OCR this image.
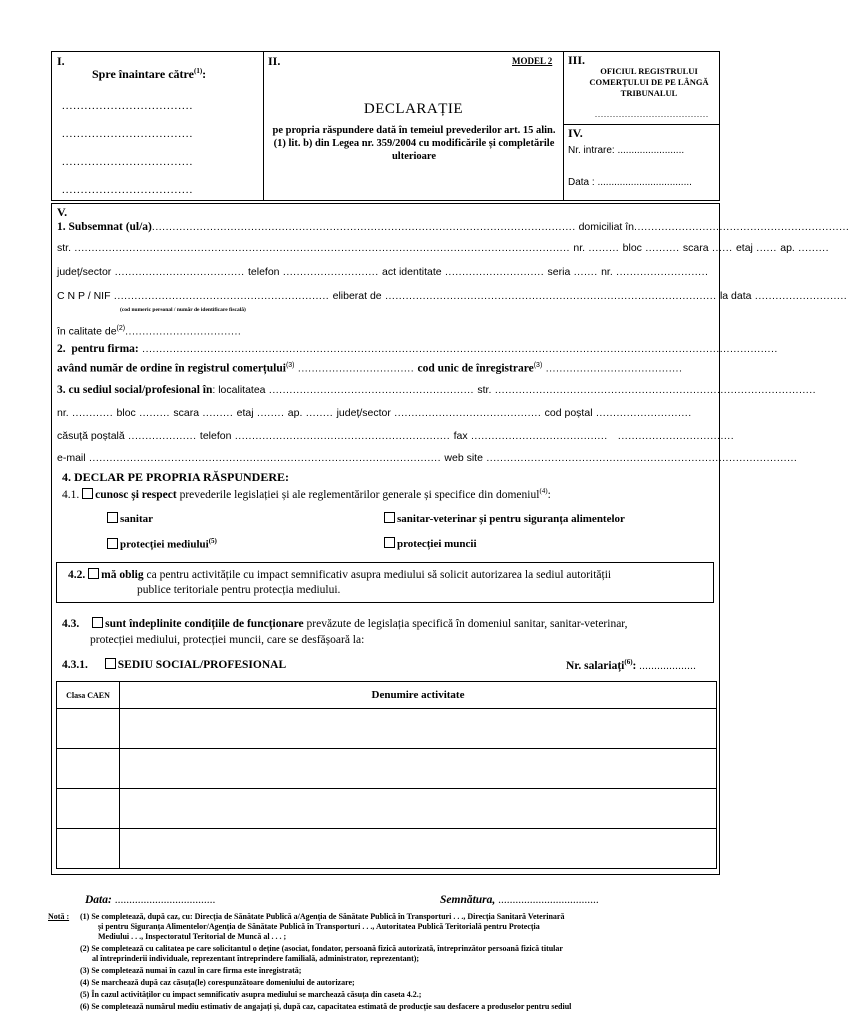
I.
Spre înaintare către$^{(1)}$:
...................................
...................................
...................................
...................................
II.	MODEL 2
DECLARAȚIE
pe propria răspundere dată în temeiul prevederilor art. 15 alin. (1) lit. b) din Legea nr. 359/2004 cu modificările și completările ulterioare
III.
OFICIUL REGISTRULUI COMERȚULUI DE PE LÂNGĂ TRIBUNALUL
......................................
IV.
Nr. intrare: ........................
Data : ..................................
V.
1. Subsemnat (ul/a)............................................................................................................................ domiciliat în...............................................................
str. ................................................................................................................................................. nr. ......... bloc .......... scara ...... etaj ...... ap. .........
județ/sector ...................................... telefon ............................ act identitate ............................. seria ....... nr. ...........................
C N P / NIF ............................................................... eliberat de ................................................................................................. la data ...........................
(cod numeric personal / număr de identificare fiscală)
în calitate $de^{(2)}$..................................
2.  pentru firma: ..........................................................................................................................................................................................
având număr de ordine în registrul comerțului$^{(3)}$ .................................. cod unic de înregistrare$^{(3)}$ ........................................
3. cu sediul social/profesional în: localitatea ............................................................ str. ..............................................................................................
nr. ............ bloc ......... scara ......... etaj ........ ap. ........ județ/sector ........................................... cod poștal ............................
căsuță poștală .................... telefon ............................................................... fax ........................................   ..................................
e-mail ....................................................................................................... web site ...........................................................................................
4. DECLAR PE PROPRIA RĂSPUNDERE:
4.1. cunosc și respect prevederile legislației și ale reglementărilor generale și specifice din domeniul$^{(4)}$:
sanitar	sanitar-veterinar și pentru siguranța alimentelor
protecției mediului$^{(5)}$	protecției muncii
4.2. mă oblig ca pentru activitățile cu impact semnificativ asupra mediului să solicit autorizarea la sediul autorității
publice teritoriale pentru protecția mediului.
4.3. sunt îndeplinite condițiile de funcționare prevăzute de legislația specifică în domeniul sanitar, sanitar-veterinar,
protecției mediului, protecției muncii, care se desfășoară la:
4.3.1.	SEDIU SOCIAL/PROFESIONAL	Nr. salariați$^{(6)}$: ...................
Clasa CAEN	Denumire activitate

Data: ...................................	Semnătura, ...................................
Notă :	(1) Se completează, după caz, cu: Direcția de Sănătate Publică a/Agenția de Sănătate Publică în Transporturi . . ., Direcția Sanitară Veterinară
și pentru Siguranța Alimentelor/Agenția de Sănătate Publică în Transporturi . . ., Autoritatea Publică Teritorială pentru Protecția
Mediului . . ., Inspectoratul Teritorial de Muncă al . . . ;
(2) Se completează cu calitatea pe care solicitantul o deține (asociat, fondator, persoană fizică autorizată, întreprinzător persoană fizică titular
al întreprinderii individuale, reprezentant întreprindere familială, administrator, reprezentant);
(3) Se completează numai în cazul în care firma este înregistrată;
(4) Se marchează după caz căsuța(le) corespunzătoare domeniului de autorizare;
(5) În cazul activităților cu impact semnificativ asupra mediului se marchează căsuța din caseta 4.2.;
(6) Se completează numărul mediu estimativ de angajați și, după caz, capacitatea estimată de producție sau desfacere a produselor pentru sediul
